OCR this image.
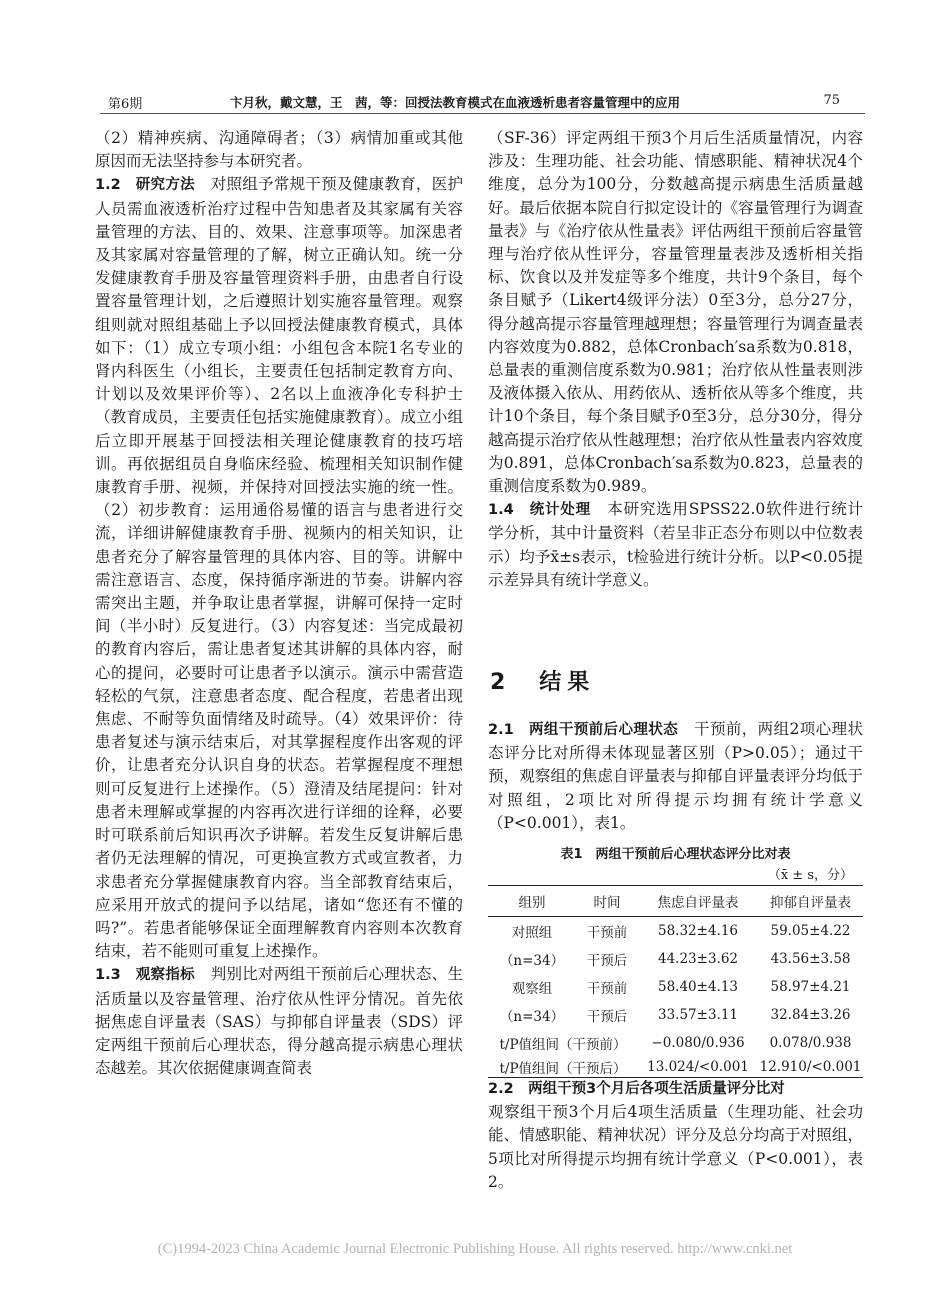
第6期	卞月秋，戴文慧，王　茜，等：回授法教育模式在血液透析患者容量管理中的应用	75

（2）精神疾病、沟通障碍者；（3）病情加重或其他原因而无法坚持参与本研究者。

1.2　研究方法　对照组予常规干预及健康教育，医护人员需血液透析治疗过程中告知患者及其家属有关容量管理的方法、目的、效果、注意事项等。加深患者及其家属对容量管理的了解，树立正确认知。统一分发健康教育手册及容量管理资料手册，由患者自行设置容量管理计划，之后遵照计划实施容量管理。观察组则就对照组基础上予以回授法健康教育模式，具体如下：（1）成立专项小组：小组包含本院1名专业的肾内科医生（小组长，主要责任包括制定教育方向、计划以及效果评价等）、2名以上血液净化专科护士（教育成员，主要责任包括实施健康教育）。成立小组后立即开展基于回授法相关理论健康教育的技巧培训。再依据组员自身临床经验、梳理相关知识制作健康教育手册、视频，并保持对回授法实施的统一性。（2）初步教育：运用通俗易懂的语言与患者进行交流，详细讲解健康教育手册、视频内的相关知识，让患者充分了解容量管理的具体内容、目的等。讲解中需注意语言、态度，保持循序渐进的节奏。讲解内容需突出主题，并争取让患者掌握，讲解可保持一定时间（半小时）反复进行。（3）内容复述：当完成最初的教育内容后，需让患者复述其讲解的具体内容，耐心的提问，必要时可让患者予以演示。演示中需营造轻松的气氛，注意患者态度、配合程度，若患者出现焦虑、不耐等负面情绪及时疏导。（4）效果评价：待患者复述与演示结束后，对其掌握程度作出客观的评价，让患者充分认识自身的状态。若掌握程度不理想则可反复进行上述操作。（5）澄清及结尾提问：针对患者未理解或掌握的内容再次进行详细的诠释，必要时可联系前后知识再次予讲解。若发生反复讲解后患者仍无法理解的情况，可更换宣教方式或宣教者，力求患者充分掌握健康教育内容。当全部教育结束后，应采用开放式的提问予以结尾，诸如“您还有不懂的吗?”。若患者能够保证全面理解教育内容则本次教育结束，若不能则可重复上述操作。

1.3　观察指标　判别比对两组干预前后心理状态、生活质量以及容量管理、治疗依从性评分情况。首先依据焦虑自评量表（SAS）与抑郁自评量表（SDS）评定两组干预前后心理状态，得分越高提示病患心理状态越差。其次依据健康调查简表

（SF-36）评定两组干预3个月后生活质量情况，内容涉及：生理功能、社会功能、情感职能、精神状况4个维度，总分为100分，分数越高提示病患生活质量越好。最后依据本院自行拟定设计的《容量管理行为调查量表》与《治疗依从性量表》评估两组干预前后容量管理与治疗依从性评分，容量管理量表涉及透析相关指标、饮食以及并发症等多个维度，共计9个条目，每个条目赋予（Likert4级评分法）0至3分，总分27分，得分越高提示容量管理越理想；容量管理行为调查量表内容效度为0.882，总体Cronbach′sa系数为0.818，总量表的重测信度系数为0.981；治疗依从性量表则涉及液体摄入依从、用药依从、透析依从等多个维度，共计10个条目，每个条目赋予0至3分，总分30分，得分越高提示治疗依从性越理想；治疗依从性量表内容效度为0.891，总体Cronbach′sa系数为0.823，总量表的重测信度系数为0.989。

1.4　统计处理　本研究选用SPSS22.0软件进行统计学分析，其中计量资料（若呈非正态分布则以中位数表示）均予x̄±s表示，t检验进行统计分析。以P<0.05提示差异具有统计学意义。

2　结果
2.1　两组干预前后心理状态　干预前，两组2项心理状态评分比对所得未体现显著区别（P>0.05）；通过干预，观察组的焦虑自评量表与抑郁自评量表评分均低于对照组，2项比对所得提示均拥有统计学意义（P<0.001），表1。
表1　两组干预前后心理状态评分比对表
（x̄ ± s，分）
组别	时间	焦虑自评量表	抑郁自评量表
对照组	干预前	58.32±4.16	59.05±4.22
（n=34）	干预后	44.23±3.62	43.56±3.58
观察组	干预前	58.40±4.13	58.97±4.21
（n=34）	干预后	33.57±3.11	32.84±3.26
t/P值组间（干预前）		−0.080/0.936	0.078/0.938
t/P值组间（干预后）		13.024/<0.001	12.910/<0.001
2.2　两组干预3个月后各项生活质量评分比对
观察组干预3个月后4项生活质量（生理功能、社会功能、情感职能、精神状况）评分及总分均高于对照组，5项比对所得提示均拥有统计学意义（P<0.001），表2。
(C)1994-2023 China Academic Journal Electronic Publishing House. All rights reserved. http://www.cnki.net
